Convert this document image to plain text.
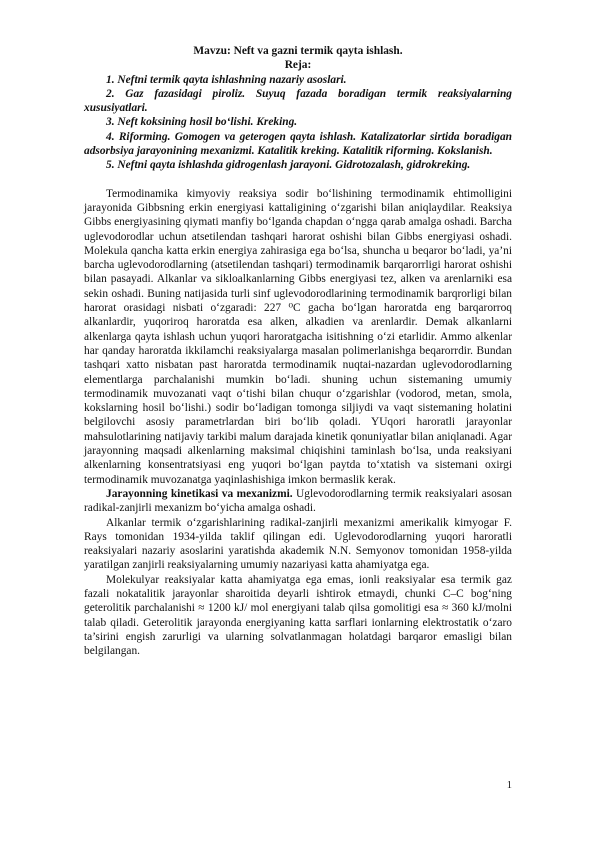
Mavzu: Neft va gazni termik qayta ishlash.

Reja:

1. Neftni termik qayta ishlashning nazariy asoslari.

2. Gaz fazasidagi piroliz. Suyuq fazada boradigan termik reaksiyalarning xususiyatlari.

3. Neft koksining hosil bo‘lishi. Kreking.

4. Riforming. Gomogen va geterogen qayta ishlash. Katalizatorlar sirtida boradigan adsorbsiya jarayonining mexanizmi. Katalitik kreking. Katalitik riforming. Kokslanish.

5. Neftni qayta ishlashda gidrogenlash jarayoni. Gidrotozalash, gidrokreking.

Termodinamika kimyoviy reaksiya sodir bo‘lishining termodinamik ehtimolligini jarayonida Gibbsning erkin energiyasi kattaligining o‘zgarishi bilan aniqlaydilar. Reaksiya Gibbs energiyasining qiymati manfiy bo‘lganda chapdan o‘ngga qarab amalga oshadi. Barcha uglevodorodlar uchun atsetilendan tashqari harorat oshishi bilan Gibbs energiyasi oshadi. Molekula qancha katta erkin energiya zahirasiga ega bo‘lsa, shuncha u beqaror bo‘ladi, ya’ni barcha uglevodorodlarning (atsetilendan tashqari) termodinamik barqarorrligi harorat oshishi bilan pasayadi. Alkanlar va sikloalkanlarning Gibbs energiyasi tez, alken va arenlarniki esa sekin oshadi. Buning natijasida turli sinf uglevodorodlarining termodinamik barqrorligi bilan harorat orasidagi nisbati o‘zgaradi: 227 ⁰C gacha bo‘lgan haroratda eng barqarorroq alkanlardir, yuqoriroq haroratda esa alken, alkadien va arenlardir. Demak alkanlarni alkenlarga qayta ishlash uchun yuqori haroratgacha isitishning o‘zi etarlidir. Ammo alkenlar har qanday haroratda ikkilamchi reaksiyalarga masalan polimerlanishga beqarorrdir. Bundan tashqari xatto nisbatan past haroratda termodinamik nuqtai-nazardan uglevodorodlarning elementlarga parchalanishi mumkin bo‘ladi. shuning uchun sistemaning umumiy termodinamik muvozanati vaqt o‘tishi bilan chuqur o‘zgarishlar (vodorod, metan, smola, kokslarning hosil bo‘lishi.) sodir bo‘ladigan tomonga siljiydi va vaqt sistemaning holatini belgilovchi asosiy parametrlardan biri bo‘lib qoladi. YUqori haroratli jarayonlar mahsulotlarining natijaviy tarkibi malum darajada kinetik qonuniyatlar bilan aniqlanadi. Agar jarayonning maqsadi alkenlarning maksimal chiqishini taminlash bo‘lsa, unda reaksiyani alkenlarning konsentratsiyasi eng yuqori bo‘lgan paytda to‘xtatish va sistemani oxirgi termodinamik muvozanatga yaqinlashishiga imkon bermaslik kerak.

Jarayonning kinetikasi va mexanizmi. Uglevodorodlarning termik reaksiyalari asosan radikal-zanjirli mexanizm bo‘yicha amalga oshadi.

Alkanlar termik o‘zgarishlarining radikal-zanjirli mexanizmi amerikalik kimyogar F. Rays tomonidan 1934-yilda taklif qilingan edi. Uglevodorodlarning yuqori haroratli reaksiyalari nazariy asoslarini yaratishda akademik N.N. Semyonov tomonidan 1958-yilda yaratilgan zanjirli reaksiyalarning umumiy nazariyasi katta ahamiyatga ega.

Molekulyar reaksiyalar katta ahamiyatga ega emas, ionli reaksiyalar esa termik gaz fazali nokatalitik jarayonlar sharoitida deyarli ishtirok etmaydi, chunki C–C bog‘ning geterolitik parchalanishi ≈ 1200 kJ/ mol energiyani talab qilsa gomolitigi esa ≈ 360 kJ/molni talab qiladi. Geterolitik jarayonda energiyaning katta sarflari ionlarning elektrostatik o‘zaro ta’sirini engish zarurligi va ularning solvatlanmagan holatdagi barqaror emasligi bilan belgilangan.

1
